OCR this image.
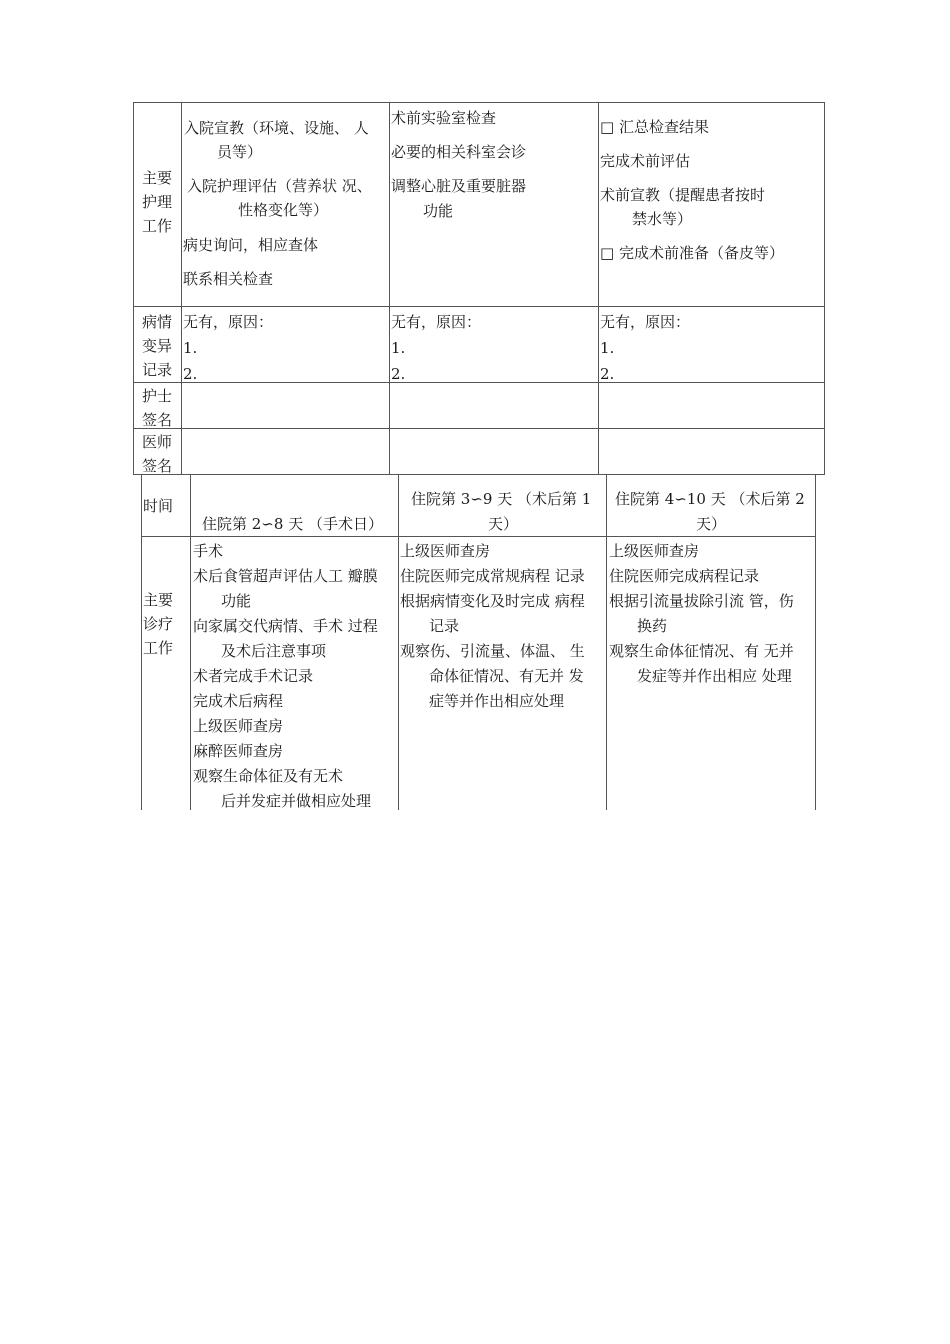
主要
护理
工作
入院宣教（环境、设施、 人
员等）
入院护理评估（营养状 况、
性格变化等）
病史询问，相应查体
联系相关检查
术前实验室检查
必要的相关科室会诊
调整心脏及重要脏器
功能
□ 汇总检查结果
完成术前评估
术前宣教（提醒患者按时
禁水等）
□ 完成术前准备（备皮等）
病情
变异
记录
无有，原因：
1.
2.
无有，原因：
1.
2.
无有，原因：
1.
2.
护士
签名
医师
签名
时间
住院第 2∽8 天 （手术日）
住院第 3∽9 天 （术后第 1
天）
住院第 4∽10 天 （术后第 2
天）
主要
诊疗
工作
手术
术后食管超声评估人工 瓣膜
功能
向家属交代病情、手术 过程
及术后注意事项
术者完成手术记录
完成术后病程
上级医师查房
麻醉医师查房
观察生命体征及有无术
后并发症并做相应处理
上级医师查房
住院医师完成常规病程 记录
根据病情变化及时完成 病程
记录
观察伤、引流量、体温、 生
命体征情况、有无并 发
症等并作出相应处理
上级医师查房
住院医师完成病程记录
根据引流量拔除引流 管，伤
换药
观察生命体征情况、有 无并
发症等并作出相应 处理
